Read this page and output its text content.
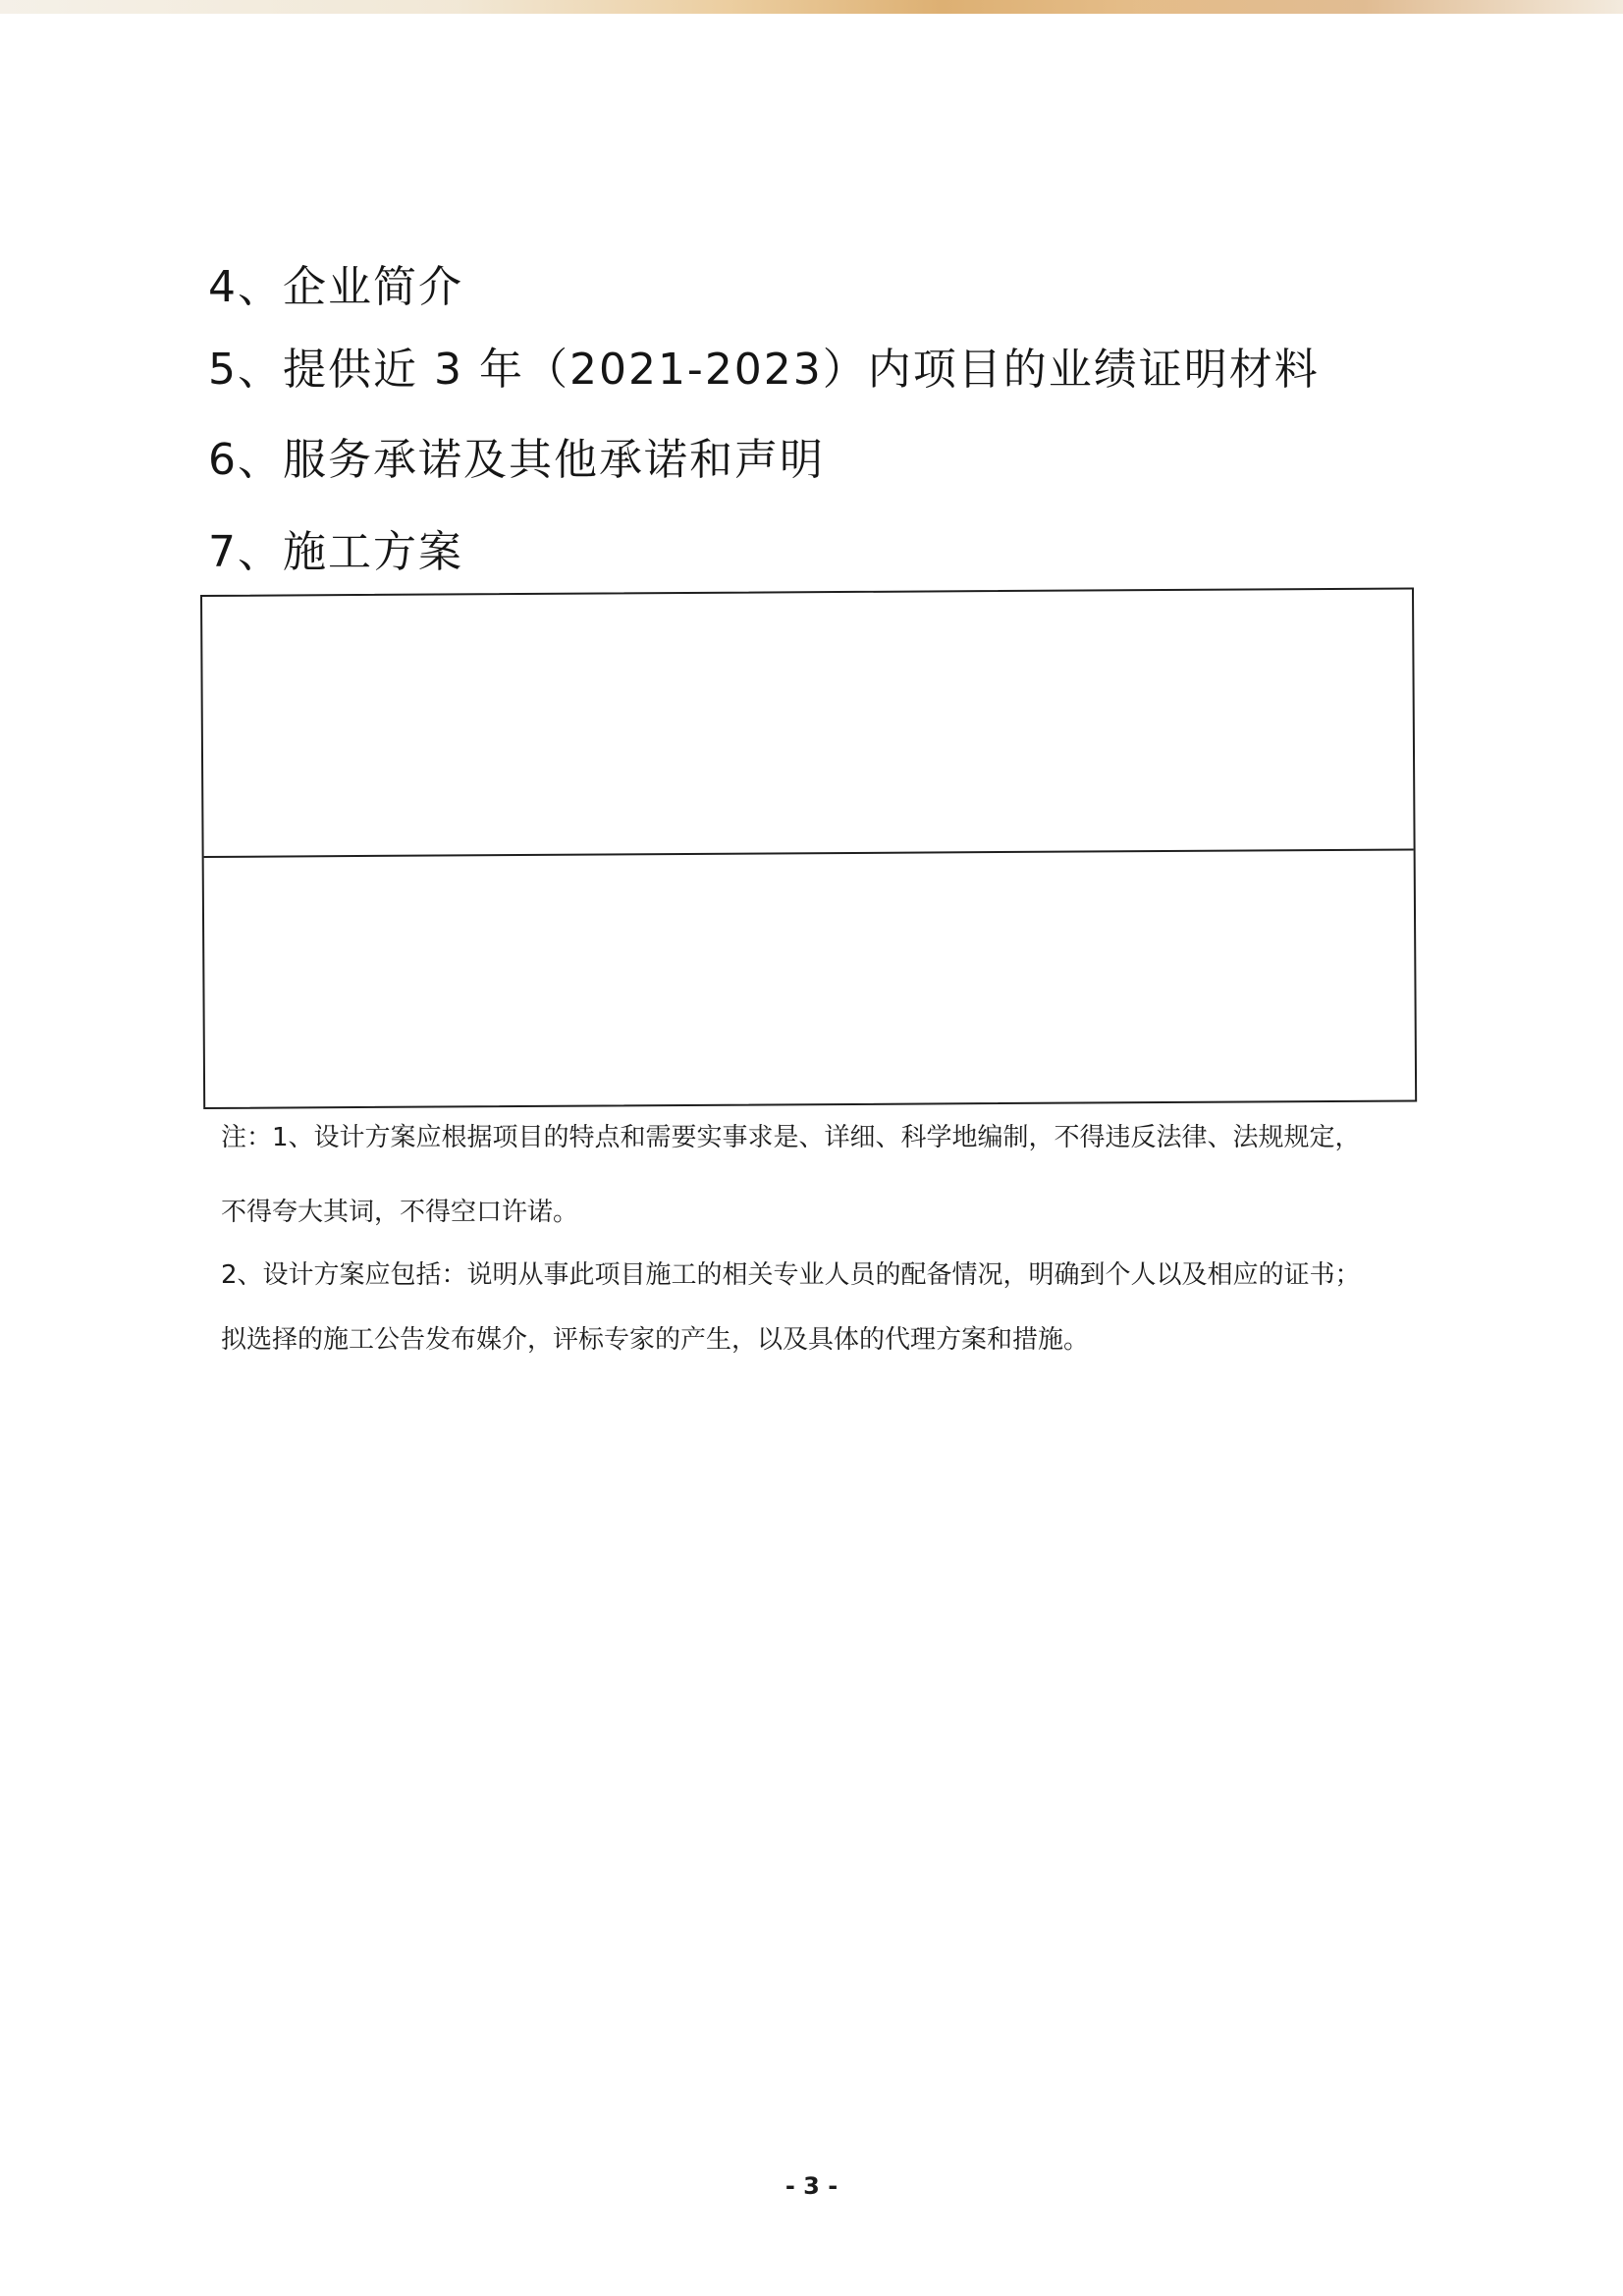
4、企业简介
5、提供近 3 年（2021-2023）内项目的业绩证明材料
6、服务承诺及其他承诺和声明
7、施工方案
注：1、设计方案应根据项目的特点和需要实事求是、详细、科学地编制，不得违反法律、法规规定，
不得夸大其词，不得空口许诺。
2、设计方案应包括：说明从事此项目施工的相关专业人员的配备情况，明确到个人以及相应的证书；
拟选择的施工公告发布媒介，评标专家的产生，以及具体的代理方案和措施。
- 3 -
